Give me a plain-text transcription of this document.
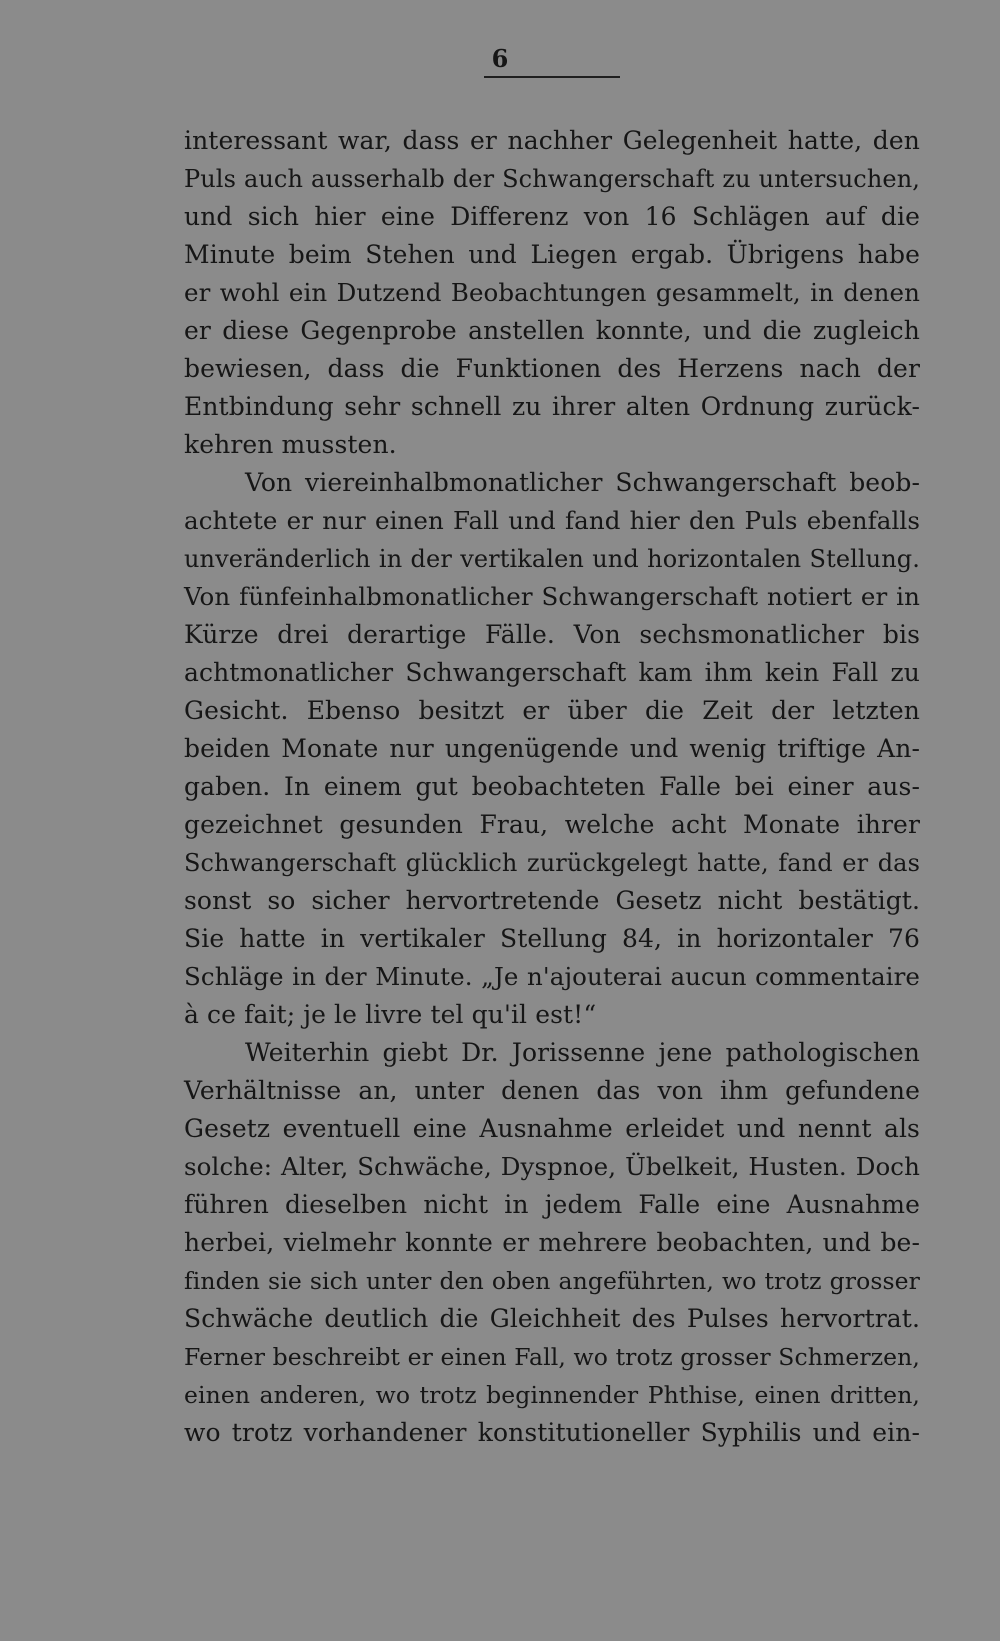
6
interessant war, dass er nachher Gelegenheit hatte, den
Puls auch ausserhalb der Schwangerschaft zu untersuchen,
und sich hier eine Differenz von 16 Schlägen auf die
Minute beim Stehen und Liegen ergab. Übrigens habe
er wohl ein Dutzend Beobachtungen gesammelt, in denen
er diese Gegenprobe anstellen konnte, und die zugleich
bewiesen, dass die Funktionen des Herzens nach der
Entbindung sehr schnell zu ihrer alten Ordnung zurück-
kehren mussten.
Von viereinhalbmonatlicher Schwangerschaft beob-
achtete er nur einen Fall und fand hier den Puls ebenfalls
unveränderlich in der vertikalen und horizontalen Stellung.
Von fünfeinhalbmonatlicher Schwangerschaft notiert er in
Kürze drei derartige Fälle. Von sechsmonatlicher bis
achtmonatlicher Schwangerschaft kam ihm kein Fall zu
Gesicht. Ebenso besitzt er über die Zeit der letzten
beiden Monate nur ungenügende und wenig triftige An-
gaben. In einem gut beobachteten Falle bei einer aus-
gezeichnet gesunden Frau, welche acht Monate ihrer
Schwangerschaft glücklich zurückgelegt hatte, fand er das
sonst so sicher hervortretende Gesetz nicht bestätigt.
Sie hatte in vertikaler Stellung 84, in horizontaler 76
Schläge in der Minute. „Je n'ajouterai aucun commentaire
à ce fait; je le livre tel qu'il est!“
Weiterhin giebt Dr. Jorissenne jene pathologischen
Verhältnisse an, unter denen das von ihm gefundene
Gesetz eventuell eine Ausnahme erleidet und nennt als
solche: Alter, Schwäche, Dyspnoe, Übelkeit, Husten. Doch
führen dieselben nicht in jedem Falle eine Ausnahme
herbei, vielmehr konnte er mehrere beobachten, und be-
finden sie sich unter den oben angeführten, wo trotz grosser
Schwäche deutlich die Gleichheit des Pulses hervortrat.
Ferner beschreibt er einen Fall, wo trotz grosser Schmerzen,
einen anderen, wo trotz beginnender Phthise, einen dritten,
wo trotz vorhandener konstitutioneller Syphilis und ein-
